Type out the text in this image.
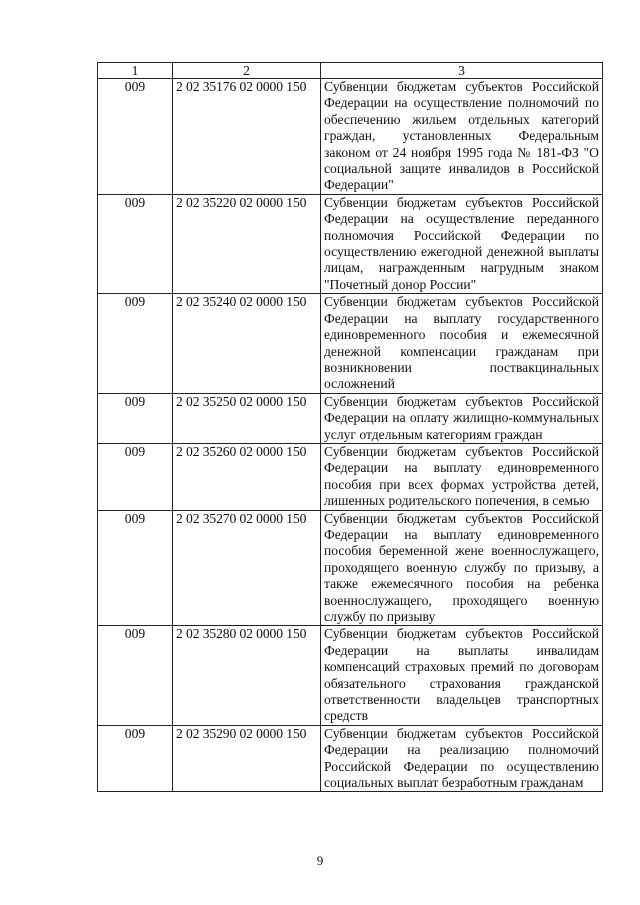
1	2	3
009	2 02 35176 02 0000 150	Субвенции бюджетам субъектов Российской Федерации на осуществление полномочий по обеспечению жильем отдельных категорий граждан, установленных Федеральным законом от 24 ноября 1995 года № 181-ФЗ "О социальной защите инвалидов в Российской Федерации"
009	2 02 35220 02 0000 150	Субвенции бюджетам субъектов Российской Федерации на осуществление переданного полномочия Российской Федерации по осуществлению ежегодной денежной выплаты лицам, награжденным нагрудным знаком "Почетный донор России"
009	2 02 35240 02 0000 150	Субвенции бюджетам субъектов Российской Федерации на выплату государственного единовременного пособия и ежемесячной денежной компенсации гражданам при возникновении поствакцинальных осложнений
009	2 02 35250 02 0000 150	Субвенции бюджетам субъектов Российской Федерации на оплату жилищно-коммунальных услуг отдельным категориям граждан
009	2 02 35260 02 0000 150	Субвенции бюджетам субъектов Российской Федерации на выплату единовременного пособия при всех формах устройства детей, лишенных родительского попечения, в семью
009	2 02 35270 02 0000 150	Субвенции бюджетам субъектов Российской Федерации на выплату единовременного пособия беременной жене военнослужащего, проходящего военную службу по призыву, а также ежемесячного пособия на ребенка военнослужащего, проходящего военную службу по призыву
009	2 02 35280 02 0000 150	Субвенции бюджетам субъектов Российской Федерации на выплаты инвалидам компенсаций страховых премий по договорам обязательного страхования гражданской ответственности владельцев транспортных средств
009	2 02 35290 02 0000 150	Субвенции бюджетам субъектов Российской Федерации на реализацию полномочий Российской Федерации по осуществлению социальных выплат безработным гражданам
9
